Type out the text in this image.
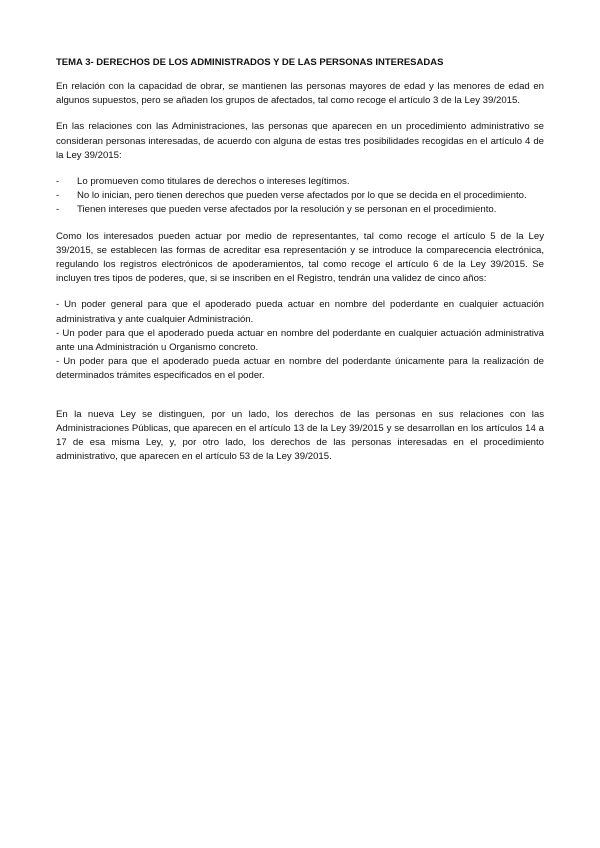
TEMA 3- DERECHOS DE LOS ADMINISTRADOS Y DE LAS PERSONAS INTERESADAS

En relación con la capacidad de obrar, se mantienen las personas mayores de edad y las menores de edad en algunos supuestos, pero se añaden los grupos de afectados, tal como recoge el artículo 3 de la Ley 39/2015.

En las relaciones con las Administraciones, las personas que aparecen en un procedimiento administrativo se consideran personas interesadas, de acuerdo con alguna de estas tres posibilidades recogidas en el artículo 4 de la Ley 39/2015:

- Lo promueven como titulares de derechos o intereses legítimos.
- No lo inician, pero tienen derechos que pueden verse afectados por lo que se decida en el procedimiento.
- Tienen intereses que pueden verse afectados por la resolución y se personan en el procedimiento.

Como los interesados pueden actuar por medio de representantes, tal como recoge el artículo 5 de la Ley 39/2015, se establecen las formas de acreditar esa representación y se introduce la comparecencia electrónica, regulando los registros electrónicos de apoderamientos, tal como recoge el artículo 6 de la Ley 39/2015. Se incluyen tres tipos de poderes, que, si se inscriben en el Registro, tendrán una validez de cinco años:

- Un poder general para que el apoderado pueda actuar en nombre del poderdante en cualquier actuación administrativa y ante cualquier Administración.
- Un poder para que el apoderado pueda actuar en nombre del poderdante en cualquier actuación administrativa ante una Administración u Organismo concreto.
- Un poder para que el apoderado pueda actuar en nombre del poderdante únicamente para la realización de determinados trámites especificados en el poder.

En la nueva Ley se distinguen, por un lado, los derechos de las personas en sus relaciones con las Administraciones Públicas, que aparecen en el artículo 13 de la Ley 39/2015 y se desarrollan en los artículos 14 a 17 de esa misma Ley, y, por otro lado, los derechos de las personas interesadas en el procedimiento administrativo, que aparecen en el artículo 53 de la Ley 39/2015.
